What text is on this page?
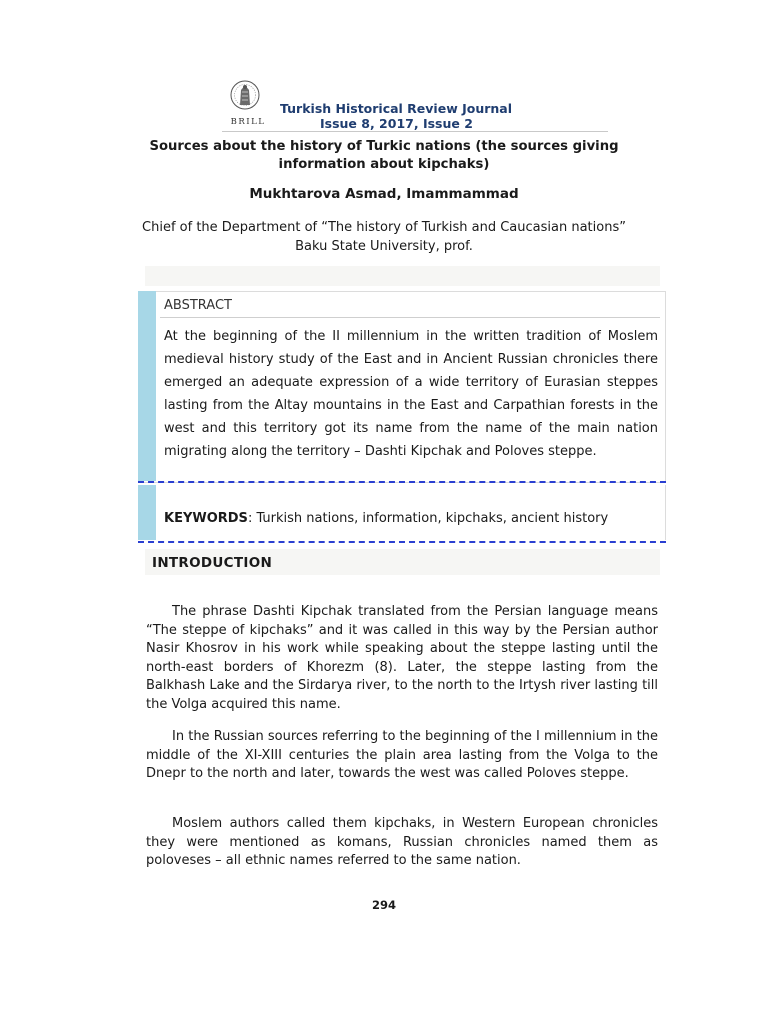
BRILL
Turkish Historical Review Journal
Issue 8, 2017, Issue 2
Sources about the history of Turkic nations (the sources giving information about kipchaks)
Mukhtarova Asmad, Imammammad
Chief of the Department of “The history of Turkish and Caucasian nations” Baku State University, prof.
ABSTRACT
At the beginning of the II millennium in the written tradition of Moslem medieval history study of the East and in Ancient Russian chronicles there emerged an adequate expression of a wide territory of Eurasian steppes lasting from the Altay mountains in the East and Carpathian forests in the west and this territory got its name from the name of the main nation migrating along the territory – Dashti Kipchak and Poloves steppe.
KEYWORDS: Turkish nations, information, kipchaks, ancient history
INTRODUCTION

The phrase Dashti Kipchak translated from the Persian language means “The steppe of kipchaks” and it was called in this way by the Persian author Nasir Khosrov in his work while speaking about the steppe lasting until the north-east borders of Khorezm (8). Later, the steppe lasting from the Balkhash Lake and the Sirdarya river, to the north to the Irtysh river lasting till the Volga acquired this name.

In the Russian sources referring to the beginning of the I millennium in the middle of the XI-XIII centuries the plain area lasting from the Volga to the Dnepr to the north and later, towards the west was called Poloves steppe.

Moslem authors called them kipchaks, in Western European chronicles they were mentioned as komans, Russian chronicles named them as poloveses – all ethnic names referred to the same nation.

294
